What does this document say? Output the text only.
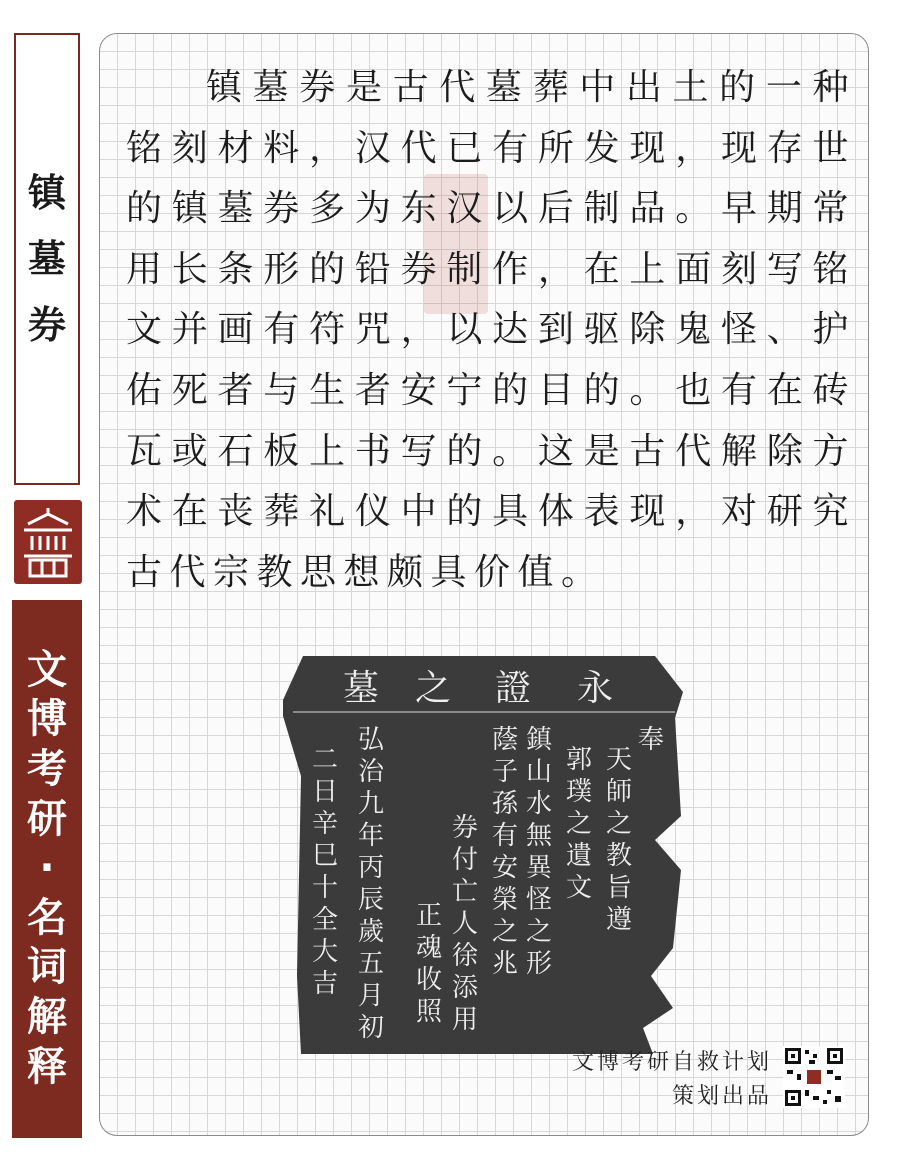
镇
墓
券
文
博
考
研
·
名
词
解
释

镇墓券是古代墓葬中出土的一种铭刻材料，汉代已有所发现，现存世的镇墓券多为东汉以后制品。早期常用长条形的铅券制作，在上面刻写铭文并画有符咒，以达到驱除鬼怪、护佑死者与生者安宁的目的。也有在砖瓦或石板上书写的。这是古代解除方术在丧葬礼仪中的具体表现，对研究古代宗教思想颇具价值。

墓 之 證 永
奉
天
師
之
教
旨
遵
郭
璞
之
遺
文
鎮
山
水
無
異
怪
之
形
蔭
子
孫
有
安
榮
之
兆
券
付
亡
人
徐
添
用
正
魂
收
照
弘
治
九
年
丙
辰
歲
五
月
初
二
日
辛
巳
十
全
大
吉
文博考研自救计划
策划出品
